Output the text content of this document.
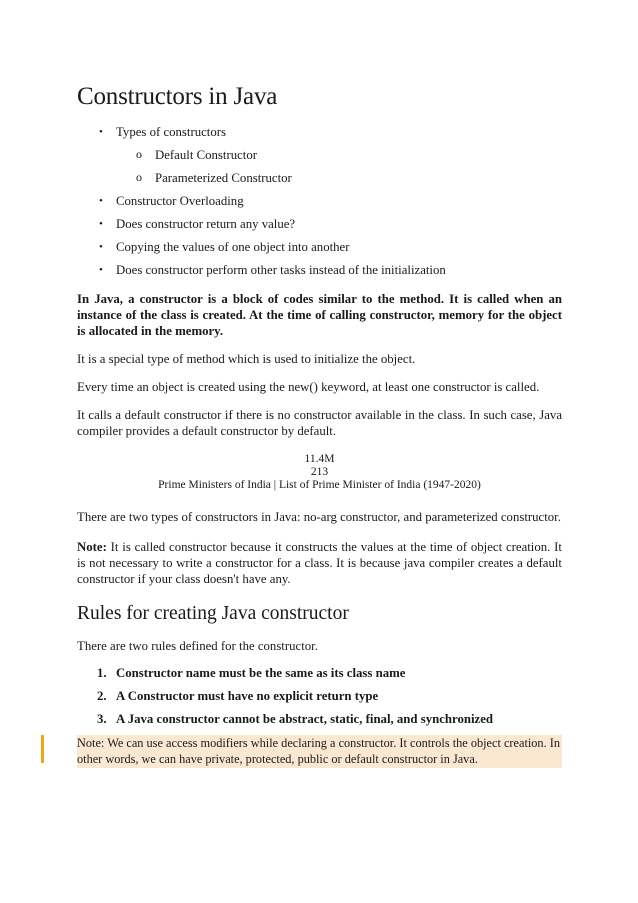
Constructors in Java
• Types of constructors
o Default Constructor
o Parameterized Constructor
• Constructor Overloading
• Does constructor return any value?
• Copying the values of one object into another
• Does constructor perform other tasks instead of the initialization

In Java, a constructor is a block of codes similar to the method. It is called when an instance of the class is created. At the time of calling constructor, memory for the object is allocated in the memory.

It is a special type of method which is used to initialize the object.

Every time an object is created using the new() keyword, at least one constructor is called.

It calls a default constructor if there is no constructor available in the class. In such case, Java compiler provides a default constructor by default.

11.4M
213
Prime Ministers of India | List of Prime Minister of India (1947-2020)

There are two types of constructors in Java: no-arg constructor, and parameterized constructor.

Note: It is called constructor because it constructs the values at the time of object creation. It is not necessary to write a constructor for a class. It is because java compiler creates a default constructor if your class doesn't have any.

Rules for creating Java constructor

There are two rules defined for the constructor.

1. Constructor name must be the same as its class name
2. A Constructor must have no explicit return type
3. A Java constructor cannot be abstract, static, final, and synchronized
Note: We can use access modifiers while declaring a constructor. It controls the object creation. In other words, we can have private, protected, public or default constructor in Java.
